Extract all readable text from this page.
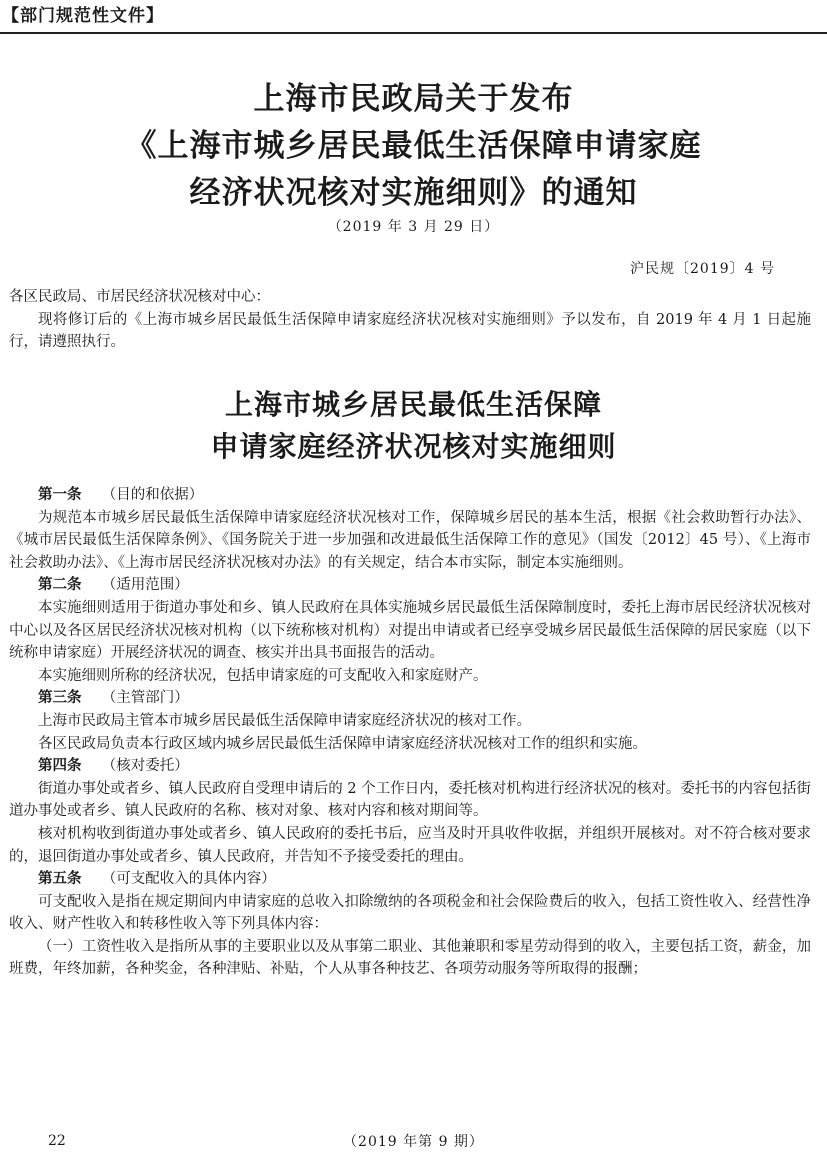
【部门规范性文件】
上海市民政局关于发布
《上海市城乡居民最低生活保障申请家庭
经济状况核对实施细则》的通知
（2019 年 3 月 29 日）
沪民规〔2019〕4 号

各区民政局、市居民经济状况核对中心：

现将修订后的《上海市城乡居民最低生活保障申请家庭经济状况核对实施细则》予以发布，自 2019 年 4 月 1 日起施行，请遵照执行。

上海市城乡居民最低生活保障
申请家庭经济状况核对实施细则

第一条 （目的和依据）

为规范本市城乡居民最低生活保障申请家庭经济状况核对工作，保障城乡居民的基本生活，根据《社会救助暂行办法》、《城市居民最低生活保障条例》、《国务院关于进一步加强和改进最低生活保障工作的意见》（国发〔2012〕45 号）、《上海市社会救助办法》、《上海市居民经济状况核对办法》的有关规定，结合本市实际，制定本实施细则。

第二条 （适用范围）

本实施细则适用于街道办事处和乡、镇人民政府在具体实施城乡居民最低生活保障制度时，委托上海市居民经济状况核对中心以及各区居民经济状况核对机构（以下统称核对机构）对提出申请或者已经享受城乡居民最低生活保障的居民家庭（以下统称申请家庭）开展经济状况的调查、核实并出具书面报告的活动。

本实施细则所称的经济状况，包括申请家庭的可支配收入和家庭财产。

第三条 （主管部门）

上海市民政局主管本市城乡居民最低生活保障申请家庭经济状况的核对工作。

各区民政局负责本行政区域内城乡居民最低生活保障申请家庭经济状况核对工作的组织和实施。

第四条 （核对委托）

街道办事处或者乡、镇人民政府自受理申请后的 2 个工作日内，委托核对机构进行经济状况的核对。委托书的内容包括街道办事处或者乡、镇人民政府的名称、核对对象、核对内容和核对期间等。

核对机构收到街道办事处或者乡、镇人民政府的委托书后，应当及时开具收件收据，并组织开展核对。对不符合核对要求的，退回街道办事处或者乡、镇人民政府，并告知不予接受委托的理由。

第五条 （可支配收入的具体内容）

可支配收入是指在规定期间内申请家庭的总收入扣除缴纳的各项税金和社会保险费后的收入，包括工资性收入、经营性净收入、财产性收入和转移性收入等下列具体内容：

（一）工资性收入是指所从事的主要职业以及从事第二职业、其他兼职和零星劳动得到的收入，主要包括工资，薪金，加班费，年终加薪，各种奖金，各种津贴、补贴，个人从事各种技艺、各项劳动服务等所取得的报酬；

22	（2019 年第 9 期）
